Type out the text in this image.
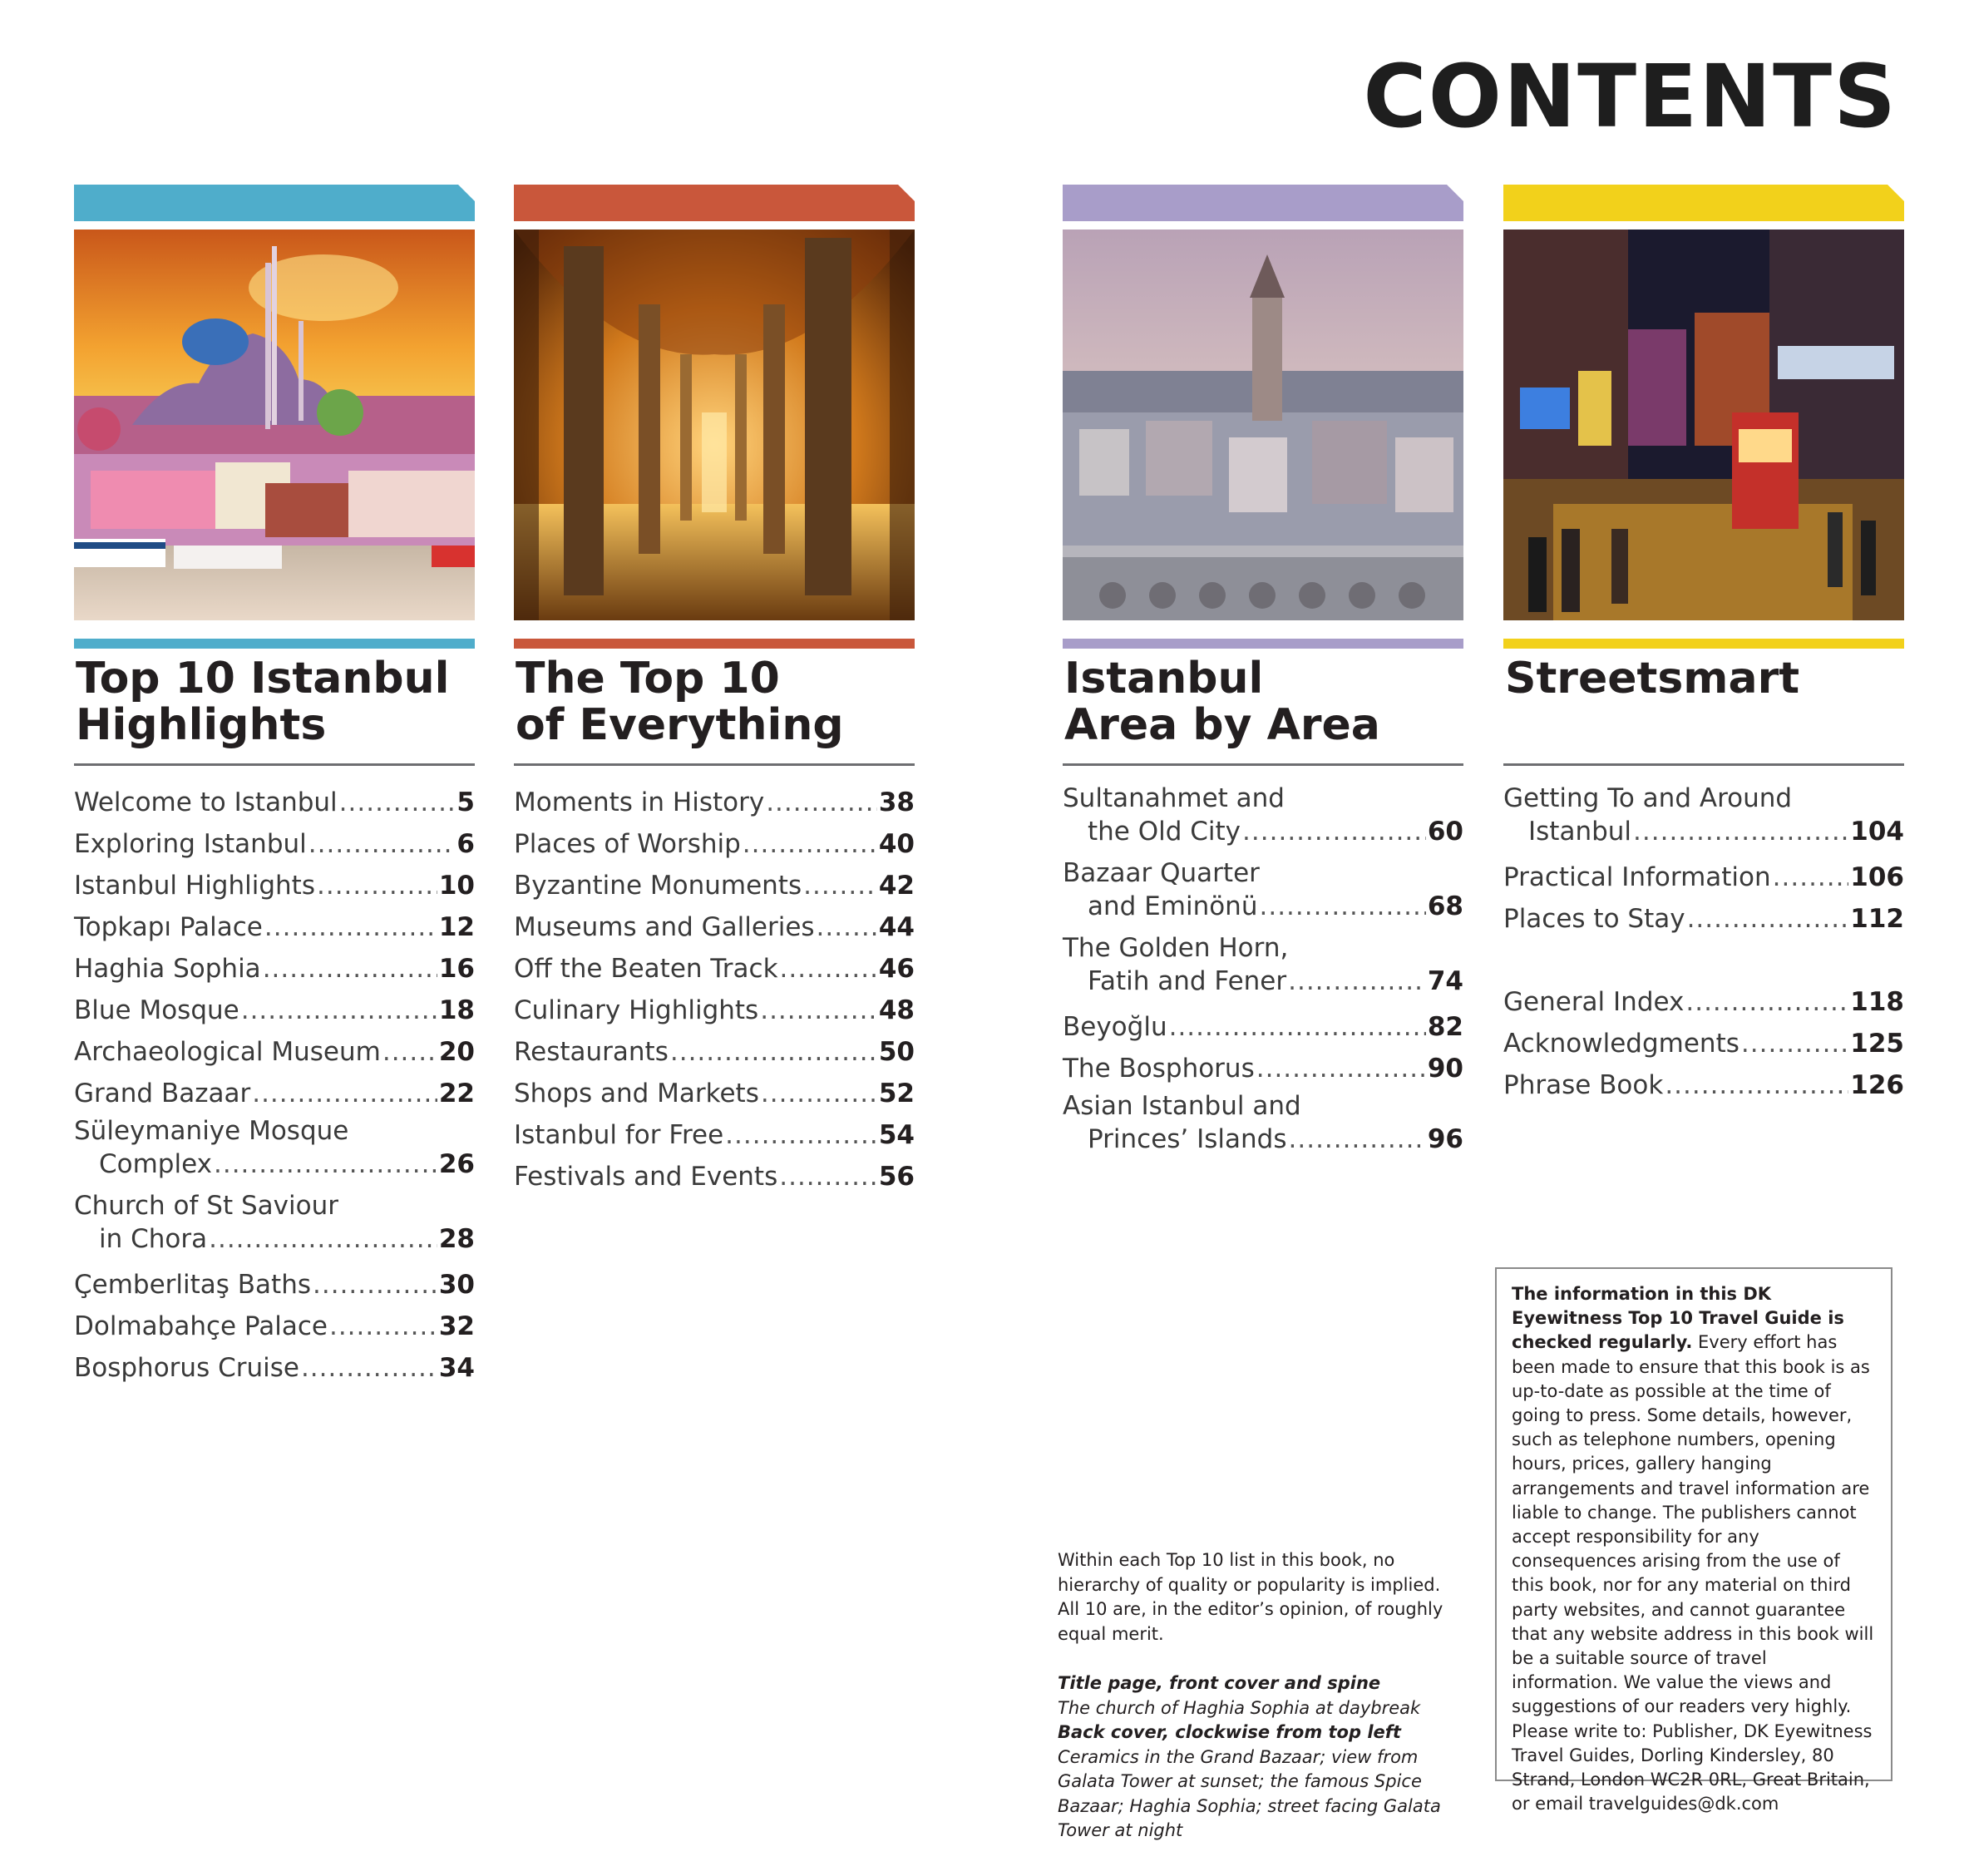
CONTENTS
Top 10 Istanbul
Highlights
Welcome to Istanbul .....	5
Exploring Istanbul .....	6
Istanbul Highlights .....	10
Topkapı Palace .....	12
Haghia Sophia .....	16
Blue Mosque .....	18
Archaeological Museum ..... 20
Grand Bazaar .....	22
Süleymaniye Mosque
Complex .....	26
Church of St Saviour
in Chora .....	28
Çemberlitaş Baths .....	30
Dolmabahçe Palace .....	32
Bosphorus Cruise .....	34
The Top 10
of Everything
Moments in History .....	38
Places of Worship .....	40
Byzantine Monuments .....	42
Museums and Galleries ..... 44
Off the Beaten Track .....	46
Culinary Highlights .....	48
Restaurants .....	50
Shops and Markets .....	52
Istanbul for Free .....	54
Festivals and Events .....	56
Istanbul
Area by Area
Sultanahmet and
the Old City .....	60
Bazaar Quarter
and Eminönü .....	68
The Golden Horn,
Fatih and Fener .....	74
Beyoğlu .....	82
The Bosphorus .....	90
Asian Istanbul and
Princes’ Islands .....	96
Streetsmart
Getting To and Around
Istanbul .....	104
Practical Information .....	106
Places to Stay .....	112
General Index .....	118
Acknowledgments .....	125
Phrase Book .....	126

Within each Top 10 list in this book, no hierarchy of quality or popularity is implied. All 10 are, in the editor’s opinion, of roughly equal merit.

Title page, front cover and spine
The church of Haghia Sophia at daybreak
Back cover, clockwise from top left Ceramics in the Grand Bazaar; view from Galata Tower at sunset; the famous Spice Bazaar; Haghia Sophia; street facing Galata Tower at night

The information in this DK Eyewitness Top 10 Travel Guide is checked regularly. Every effort has been made to ensure that this book is as up-to-date as possible at the time of going to press. Some details, however, such as telephone numbers, opening hours, prices, gallery hanging arrangements and travel information are liable to change. The publishers cannot accept responsibility for any consequences arising from the use of this book, nor for any material on third party websites, and cannot guarantee that any website address in this book will be a suitable source of travel information. We value the views and suggestions of our readers very highly. Please write to: Publisher, DK Eyewitness Travel Guides, Dorling Kindersley, 80 Strand, London WC2R 0RL, Great Britain, or email travelguides@dk.com
